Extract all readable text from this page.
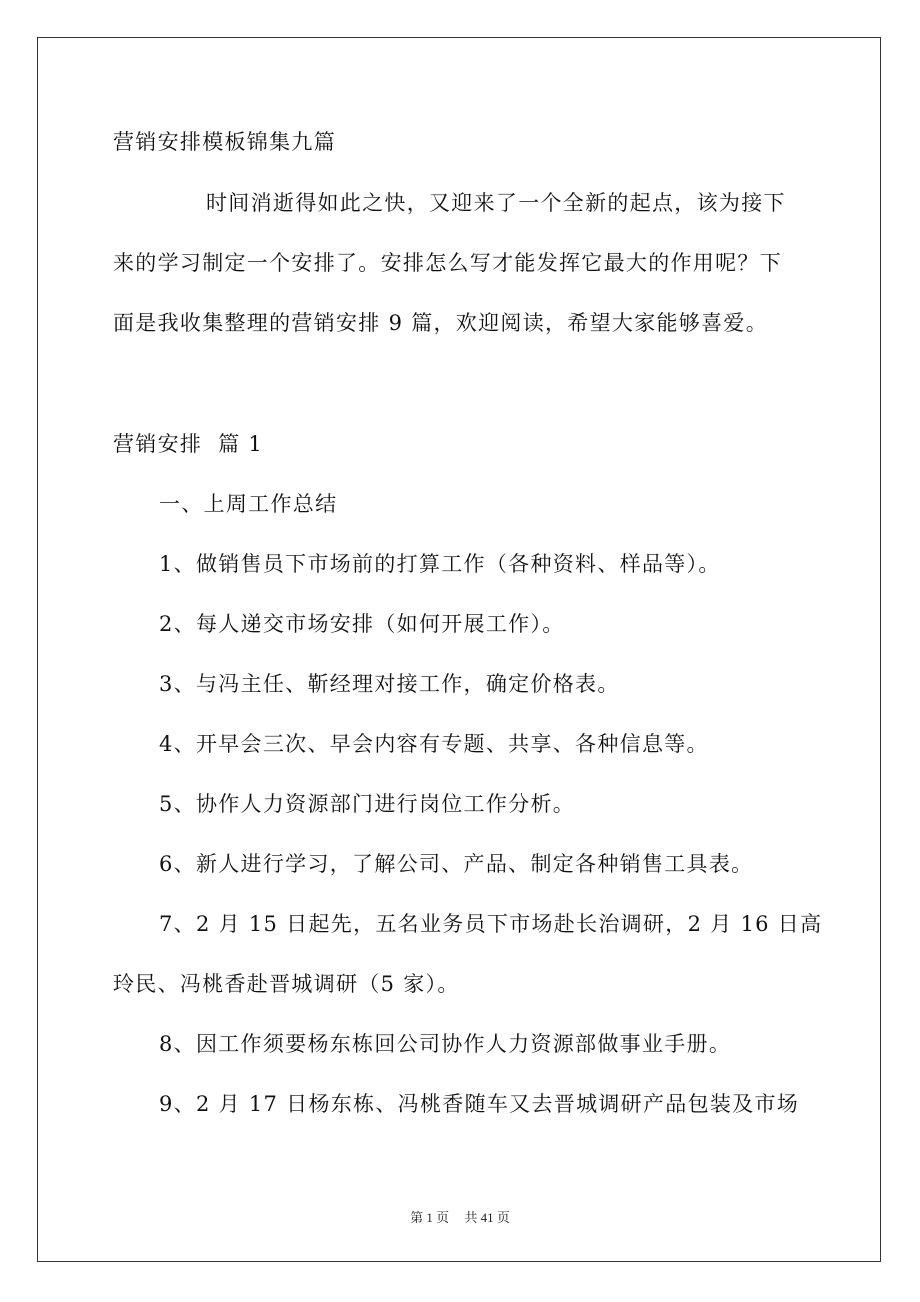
营销安排模板锦集九篇
时间消逝得如此之快，又迎来了一个全新的起点，该为接下
来的学习制定一个安排了。安排怎么写才能发挥它最大的作用呢？下
面是我收集整理的营销安排 9 篇，欢迎阅读，希望大家能够喜爱。
营销安排  篇 1
一、上周工作总结
1、做销售员下市场前的打算工作（各种资料、样品等）。
2、每人递交市场安排（如何开展工作）。
3、与冯主任、靳经理对接工作，确定价格表。
4、开早会三次、早会内容有专题、共享、各种信息等。
5、协作人力资源部门进行岗位工作分析。
6、新人进行学习，了解公司、产品、制定各种销售工具表。
7、2 月 15 日起先，五名业务员下市场赴长治调研，2 月 16 日高
玲民、冯桃香赴晋城调研（5 家）。
8、因工作须要杨东栋回公司协作人力资源部做事业手册。
9、2 月 17 日杨东栋、冯桃香随车又去晋城调研产品包装及市场
第 1 页 共 41 页
